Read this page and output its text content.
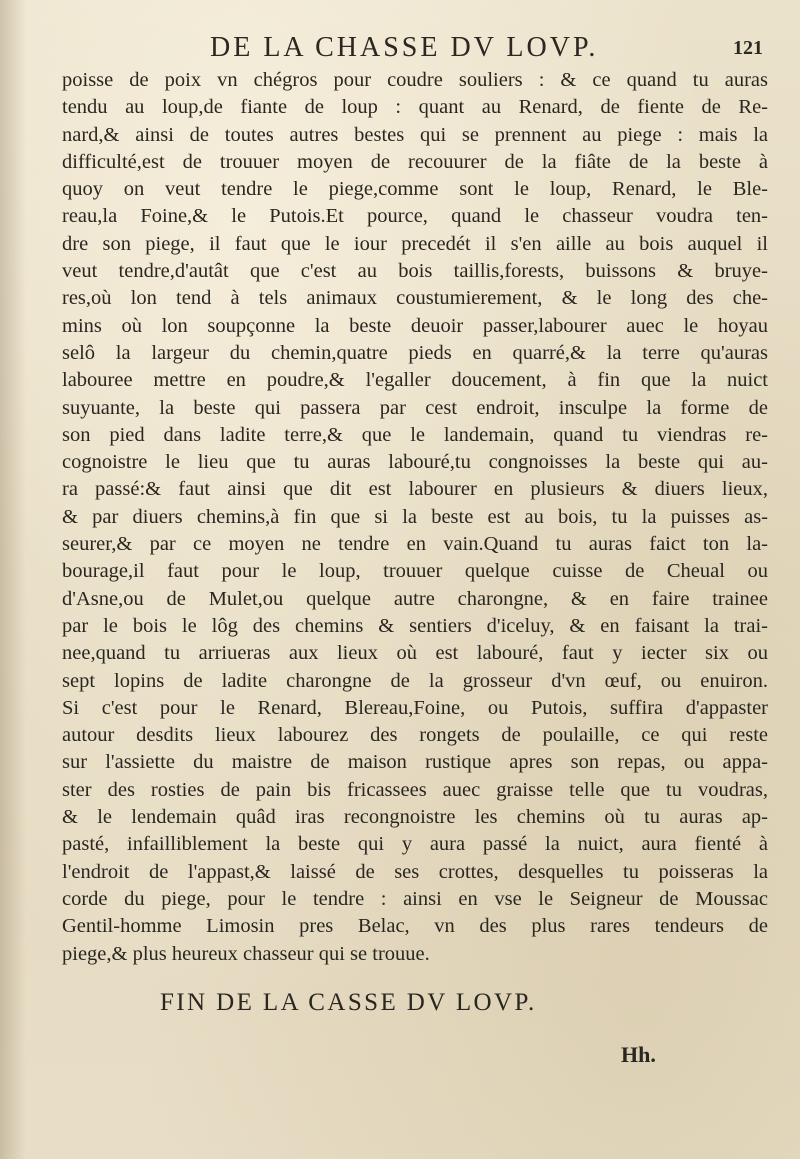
DE LA CHASSE DV LOVP.	121
poisse de poix vn chégros pour coudre souliers : & ce quand tu auras
tendu au loup,de fiante de loup : quant au Renard, de fiente de Re-
nard,& ainsi de toutes autres bestes qui se prennent au piege : mais la
difficulté,est de trouuer moyen de recouurer de la fiâte de la beste à
quoy on veut tendre le piege,comme sont le loup, Renard, le Ble-
reau,la Foine,& le Putois.Et pource, quand le chasseur voudra ten-
dre son piege, il faut que le iour precedét il s'en aille au bois auquel il
veut tendre,d'autât que c'est au bois taillis,forests, buissons & bruye-
res,où lon tend à tels animaux coustumierement, & le long des che-
mins où lon soupçonne la beste deuoir passer,labourer auec le hoyau
selô la largeur du chemin,quatre pieds en quarré,& la terre qu'auras
labouree mettre en poudre,& l'egaller doucement, à fin que la nuict
suyuante, la beste qui passera par cest endroit, insculpe la forme de
son pied dans ladite terre,& que le landemain, quand tu viendras re-
cognoistre le lieu que tu auras labouré,tu congnoisses la beste qui au-
ra passé:& faut ainsi que dit est labourer en plusieurs & diuers lieux,
& par diuers chemins,à fin que si la beste est au bois, tu la puisses as-
seurer,& par ce moyen ne tendre en vain.Quand tu auras faict ton la-
bourage,il faut pour le loup, trouuer quelque cuisse de Cheual ou
d'Asne,ou de Mulet,ou quelque autre charongne, & en faire trainee
par le bois le lôg des chemins & sentiers d'iceluy, & en faisant la trai-
nee,quand tu arriueras aux lieux où est labouré, faut y iecter six ou
sept lopins de ladite charongne de la grosseur d'vn œuf, ou enuiron.
Si c'est pour le Renard, Blereau,Foine, ou Putois, suffira d'appaster
autour desdits lieux labourez des rongets de poulaille, ce qui reste
sur l'assiette du maistre de maison rustique apres son repas, ou appa-
ster des rosties de pain bis fricassees auec graisse telle que tu voudras,
& le lendemain quâd iras recongnoistre les chemins où tu auras ap-
pasté, infailliblement la beste qui y aura passé la nuict, aura fienté à
l'endroit de l'appast,& laissé de ses crottes, desquelles tu poisseras la
corde du piege, pour le tendre : ainsi en vse le Seigneur de Moussac
Gentil-homme Limosin pres Belac, vn des plus rares tendeurs de
piege,& plus heureux chasseur qui se trouue.
FIN DE LA CASSE DV LOVP.
Hh.
